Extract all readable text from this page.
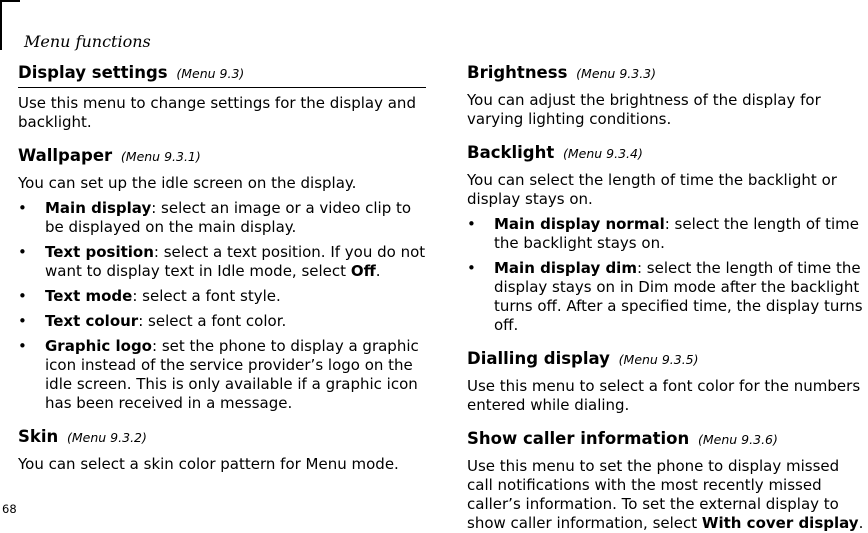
Menu functions
Display settings (Menu 9.3)

Use this menu to change settings for the display and backlight.

Wallpaper (Menu 9.3.1)

You can set up the idle screen on the display.

• Main display: select an image or a video clip to be displayed on the main display.
• Text position: select a text position. If you do not want to display text in Idle mode, select Off.
• Text mode: select a font style.
• Text colour: select a font color.
• Graphic logo: set the phone to display a graphic icon instead of the service provider’s logo on the idle screen. This is only available if a graphic icon has been received in a message.
Skin (Menu 9.3.2)

You can select a skin color pattern for Menu mode.

Brightness (Menu 9.3.3)

You can adjust the brightness of the display for varying lighting conditions.

Backlight (Menu 9.3.4)

You can select the length of time the backlight or display stays on.

• Main display normal: select the length of time the backlight stays on.
• Main display dim: select the length of time the display stays on in Dim mode after the backlight turns off. After a specified time, the display turns off.
Dialling display (Menu 9.3.5)

Use this menu to select a font color for the numbers entered while dialing.

Show caller information (Menu 9.3.6)

Use this menu to set the phone to display missed call notifications with the most recently missed caller’s information. To set the external display to show caller information, select With cover display.

68
